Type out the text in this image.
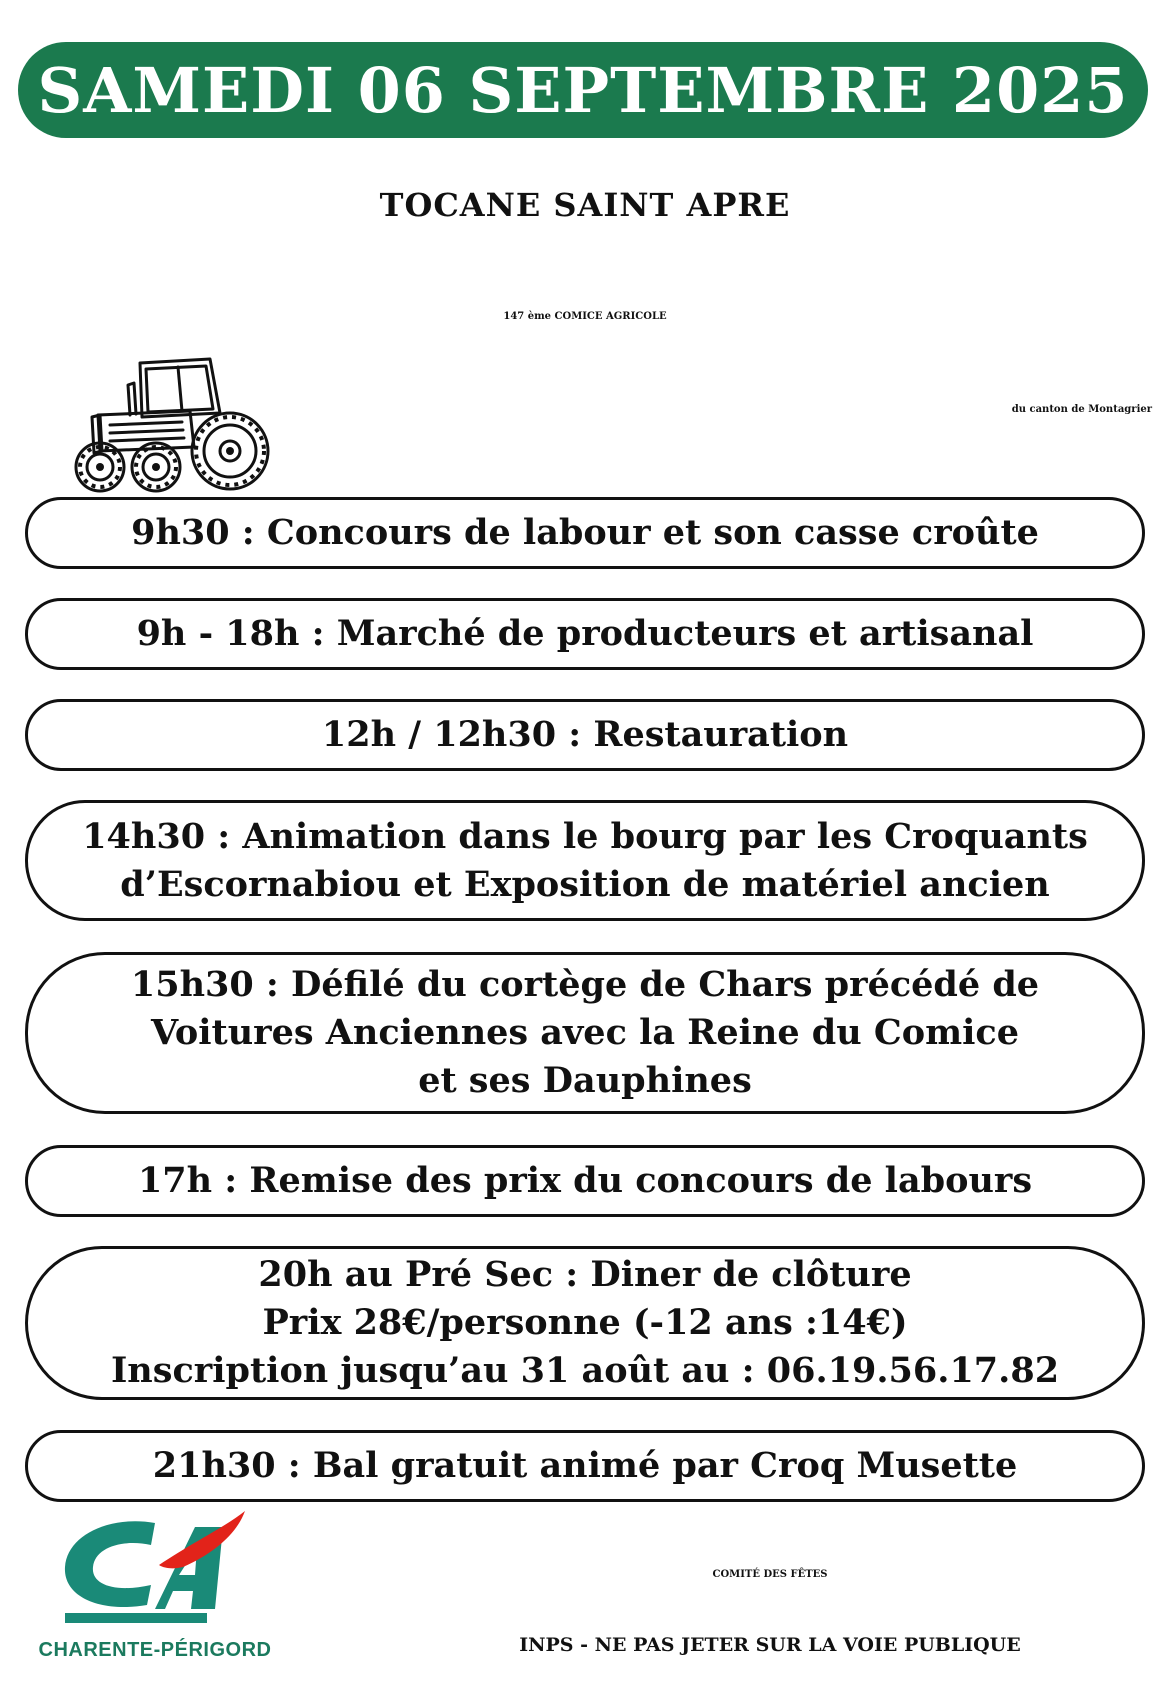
SAMEDI 06 SEPTEMBRE 2025
TOCANE SAINT APRE
147 ème COMICE AGRICOLE
du canton de Montagrier
9h30 : Concours de labour et son casse croûte
9h - 18h : Marché de producteurs et artisanal
12h / 12h30 : Restauration
14h30 : Animation dans le bourg par les Croquants
d’Escornabiou et Exposition de matériel ancien
15h30 : Défilé du cortège de Chars précédé de
Voitures Anciennes avec la Reine du Comice
et ses Dauphines
17h : Remise des prix du concours de labours
20h au Pré Sec : Diner de clôture
Prix 28€/personne (-12 ans :14€)
Inscription jusqu’au 31 août au : 06.19.56.17.82
21h30 : Bal gratuit animé par Croq Musette
CHARENTE-PÉRIGORD
COMITÉ DES FÊTES
INPS - NE PAS JETER SUR LA VOIE PUBLIQUE
